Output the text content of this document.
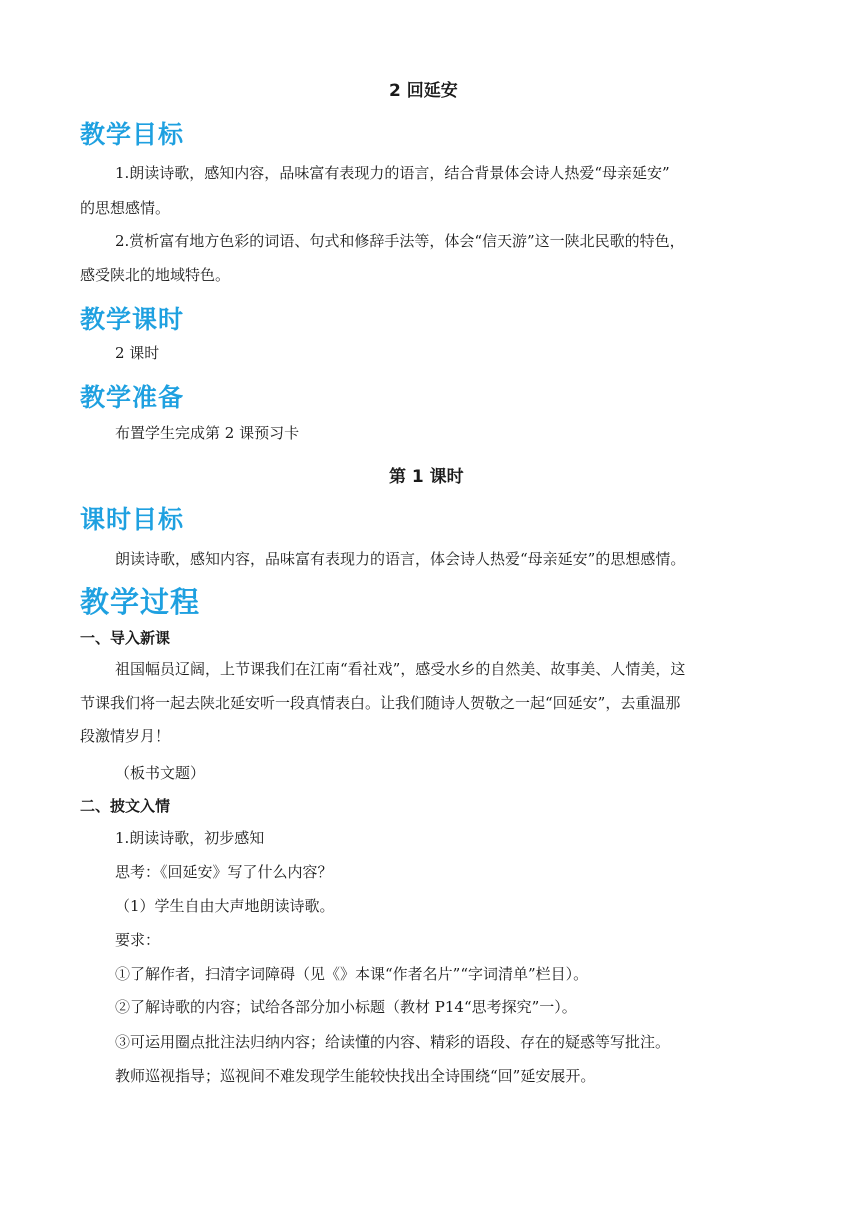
2 回延安
教学目标
1.朗读诗歌，感知内容，品味富有表现力的语言，结合背景体会诗人热爱“母亲延安”
的思想感情。
2.赏析富有地方色彩的词语、句式和修辞手法等，体会“信天游”这一陕北民歌的特色，
感受陕北的地域特色。
教学课时
2 课时
教学准备
布置学生完成第 2 课预习卡
第 1 课时
课时目标
朗读诗歌，感知内容，品味富有表现力的语言，体会诗人热爱“母亲延安”的思想感情。
教学过程
一、导入新课
祖国幅员辽阔，上节课我们在江南“看社戏”，感受水乡的自然美、故事美、人情美，这
节课我们将一起去陕北延安听一段真情表白。让我们随诗人贺敬之一起“回延安”，去重温那
段激情岁月！
（板书文题）
二、披文入情
1.朗读诗歌，初步感知
思考：《回延安》写了什么内容？
（1）学生自由大声地朗读诗歌。
要求：
①了解作者，扫清字词障碍（见《》本课“作者名片”“字词清单”栏目）。
②了解诗歌的内容；试给各部分加小标题（教材 P14“思考探究”一）。
③可运用圈点批注法归纳内容；给读懂的内容、精彩的语段、存在的疑惑等写批注。
教师巡视指导；巡视间不难发现学生能较快找出全诗围绕“回”延安展开。
